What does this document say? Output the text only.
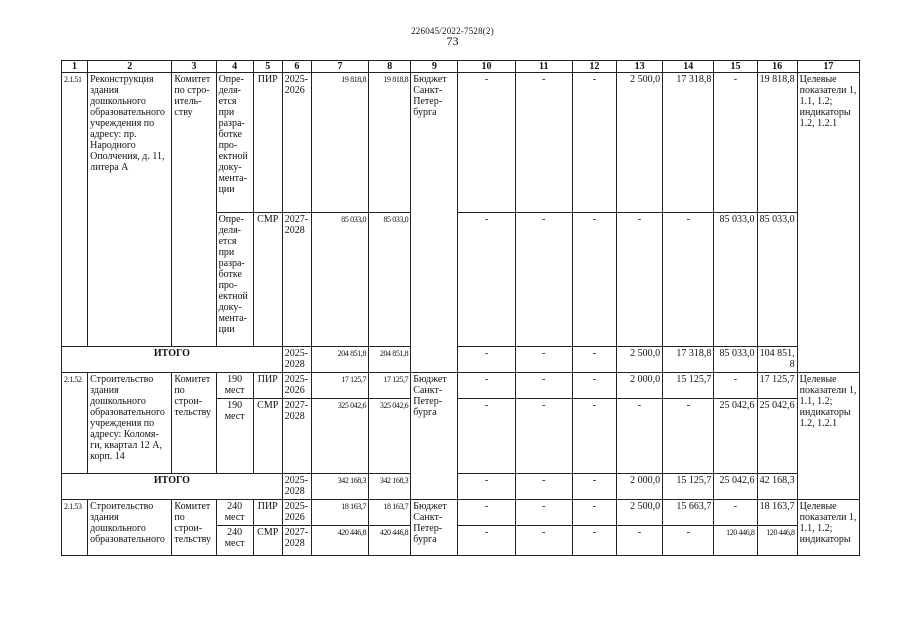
226045/2022-7528(2)
73
1	2	3	4	5	6	7	8	9	10	11	12	13	14	15	16	17
2.1.51	Реконструкция здания дошкольного образовательного учреждения по адресу: пр. Народного Ополчения, д. 11, литера А	Комитет по стро-итель-ству	Опре-деля-ется при разра-ботке про-ектной доку-мента-ции	ПИР	2025-2026	19 818,8	19 818,8	Бюджет Санкт-Петер-бурга	-	-	-	2 500,0	17 318,8	-	19 818,8	Целевые показатели 1, 1.1, 1.2; индикаторы 1.2, 1.2.1
			Опре-деля-ется при разра-ботке про-ектной доку-мента-ции	СМР	2027-2028	85 033,0	85 033,0		-	-	-	-	-	85 033,0	85 033,0	
ИТОГО					2025-2028	204 851,8	204 851,8		-	-	-	2 500,0	17 318,8	85 033,0	104 851, 8	
2.1.52	Строительство здания дошкольного образовательного учреждения по адресу: Коломя-ги, квартал 12 А, корп. 14	Комитет по строи-тельству	190 мест	ПИР	2025-2026	17 125,7	17 125,7	Бюджет Санкт-Петер-бурга	-	-	-	2 000,0	15 125,7	-	17 125,7	Целевые показатели 1, 1.1, 1.2; индикаторы 1.2, 1.2.1
			190 мест	СМР	2027-2028	325 042,6	325 042,6		-	-	-	-	-	25 042,6	25 042,6	
ИТОГО					2025-2028	342 168,3	342 168,3		-	-	-	2 000,0	15 125,7	25 042,6	42 168,3	
2.1.53	Строительство здания дошкольного образовательного	Комитет по строи-тельству	240 мест	ПИР	2025-2026	18 163,7	18 163,7	Бюджет Санкт-Петер-бурга	-	-	-	2 500,0	15 663,7	-	18 163,7	Целевые показатели 1, 1.1, 1.2; индикаторы
			240 мест	СМР	2027-2028	420 446,8	420 446,8		-	-	-	-	-	120 446,8	120 446,8	
